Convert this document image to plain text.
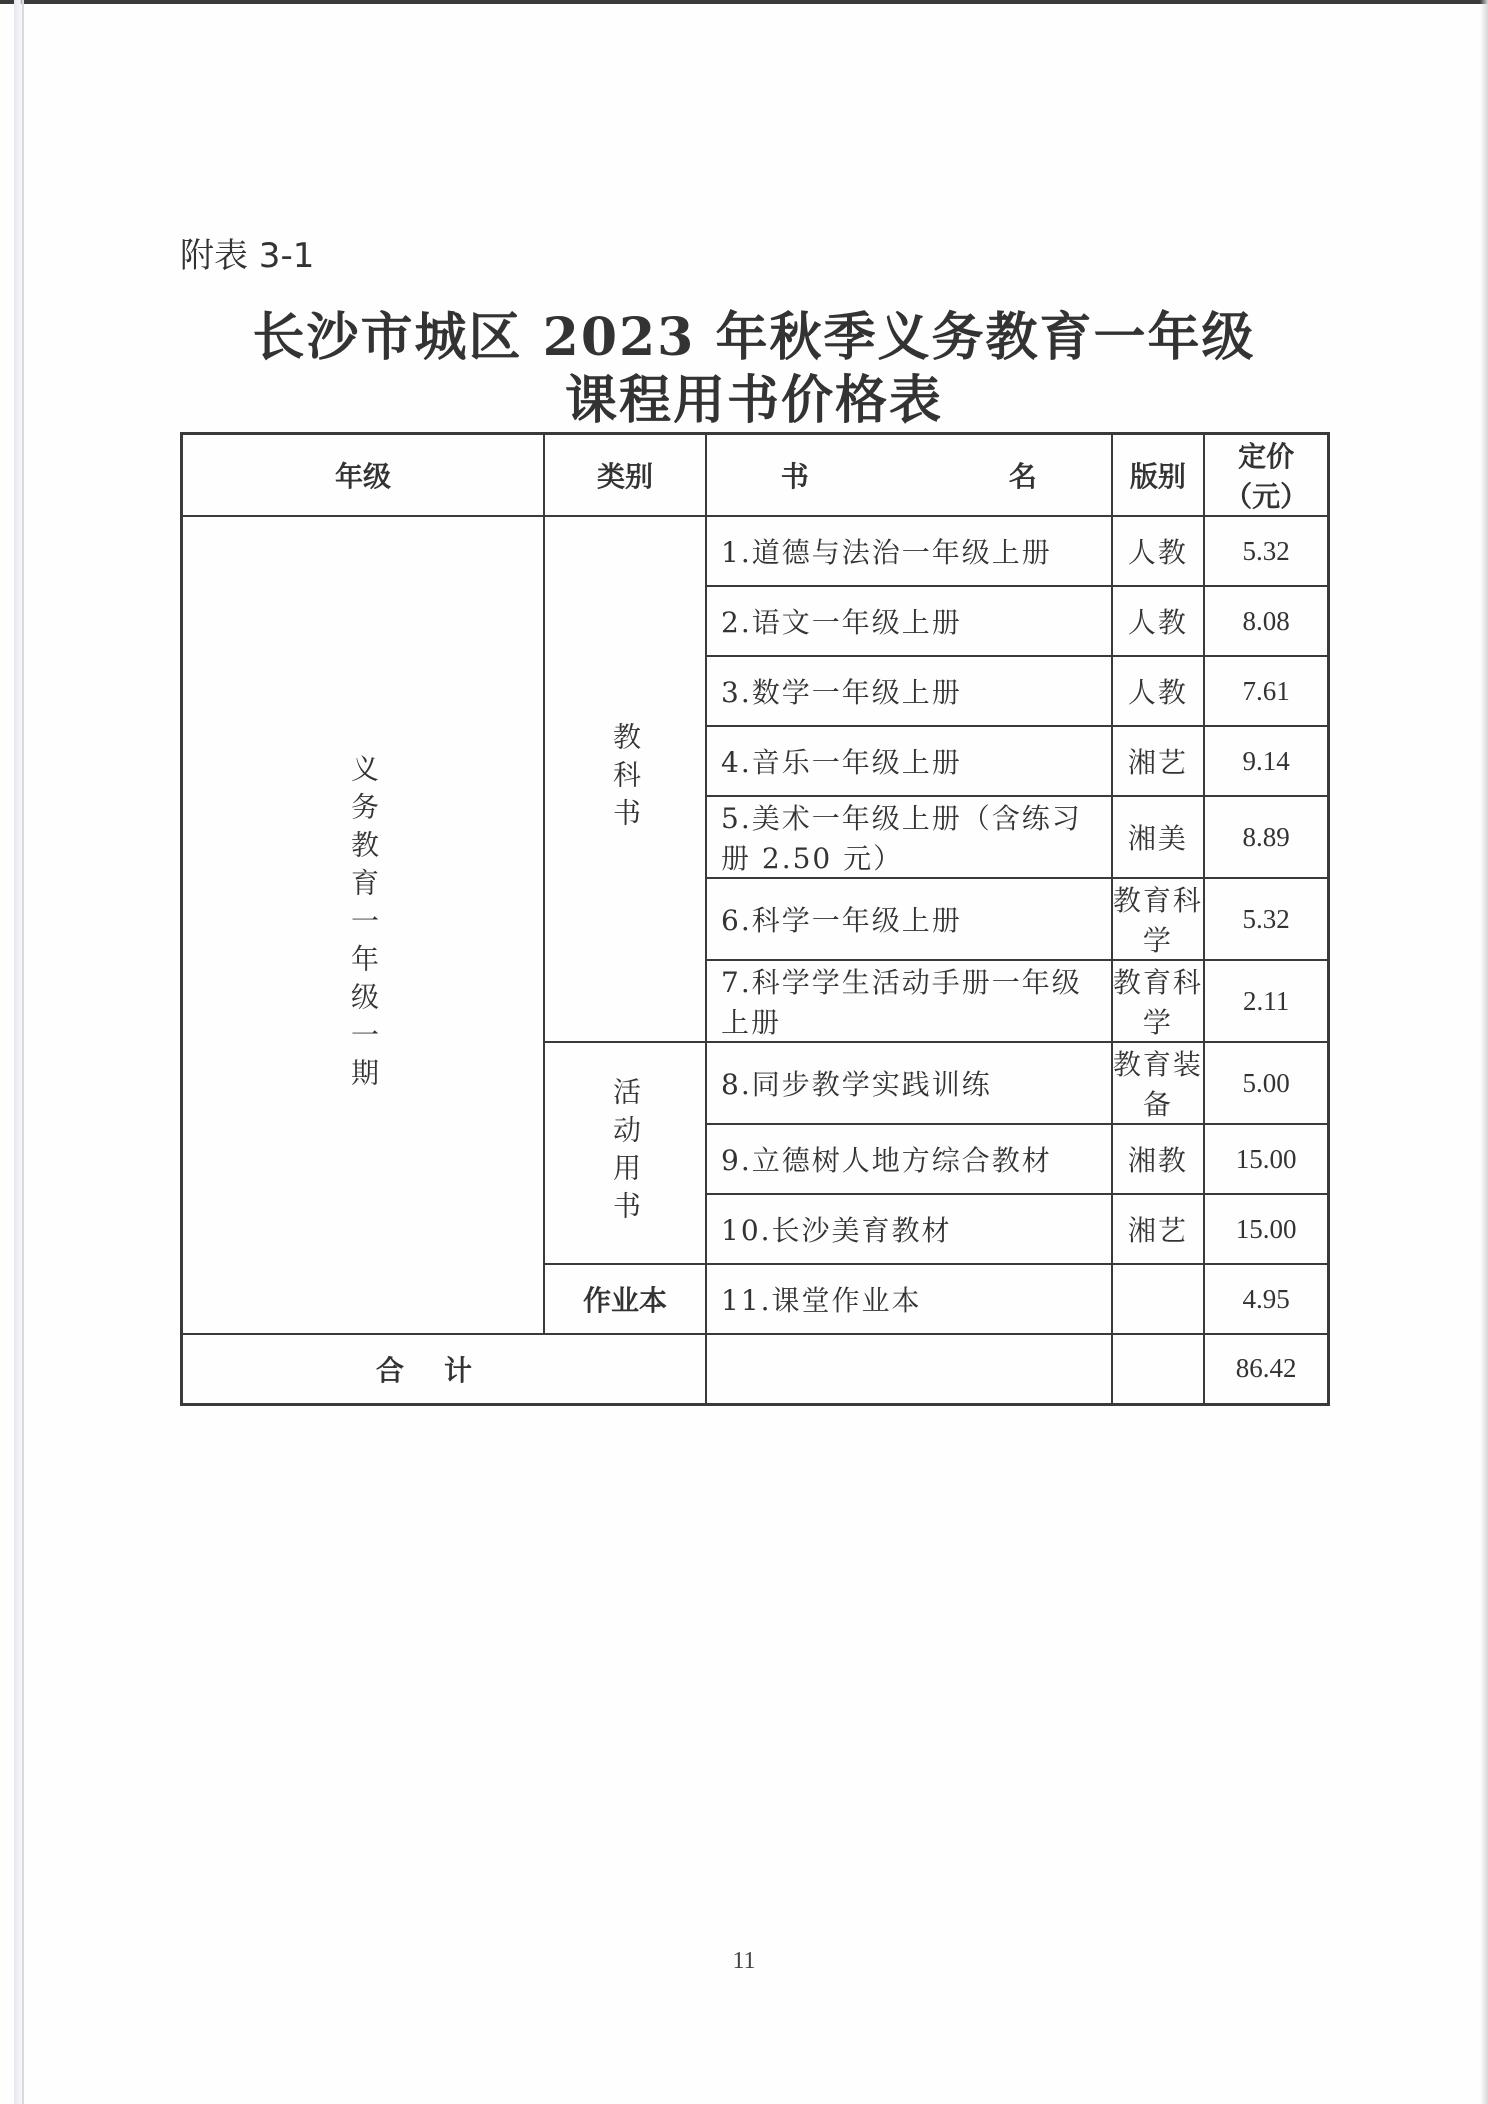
附表 3-1
长沙市城区 2023 年秋季义务教育一年级
课程用书价格表
年级	类别	书 名	版别	定价（元）

义务教育一年级一期	教科书	1.道德与法治一年级上册	人教	5.32
		2.语文一年级上册	人教	8.08
		3.数学一年级上册	人教	7.61
		4.音乐一年级上册	湘艺	9.14
		5.美术一年级上册（含练习册 2.50 元）	湘美	8.89
		6.科学一年级上册	教育科学	5.32
		7.科学学生活动手册一年级上册	教育科学	2.11

	活动用书	8.同步教学实践训练	教育装备	5.00
		9.立德树人地方综合教材	湘教	15.00
		10.长沙美育教材	湘艺	15.00
	作业本	11.课堂作业本		4.95
合计				86.42
11
